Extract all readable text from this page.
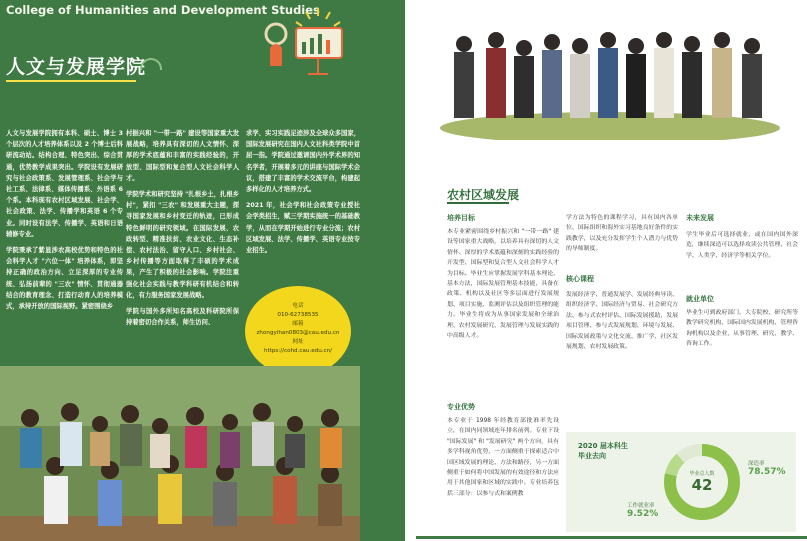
College of Humanities and Development Studies
人文与发展学院

人文与发展学院拥有本科、硕士、博士 3 个层次的人才培养体系以及 2 个博士后科研流动站。结构合理、特色突出、综合贯通，优势教学成果突出。学院设有发展研究与社会政策系、发展管理系、社会学与社工系、法律系、媒体传播系、外语系 6 个系。本科现有农村区域发展、社会学、社会政策、法学、传播学和英语 6 个专业。同时设有法学、传播学、英语和日语辅修专业。

学院秉承了紫显涉农高校优势和特色的社会科学人才 "六位一体" 培养体系，即坚持正确的政治方向、立足深厚的专业传统、弘扬前辈的 "三农" 情怀、贯彻通器结合的教育理念、打造行动育人的培养模式，承持开放的国际视野。紧密围绕乡

村振兴和 "一带一路" 建设等国家重大发展战略，培养具有深切的人文情怀、深厚的学术底蕴和丰富的实践经验的，开放型、国际型和复合型人文社会科学人才。

学院学术和研究坚持 "扎根乡土，扎根乡村"，紧扣 "三农" 和发展重大主题，探寻国家发展和乡村变迁的轨迹，已形成特色鲜明的研究领域。在国际发展、农政转型、精准扶贫、农业文化、生态补偿、农村法治、留守人口、乡村社会、乡村传播等方面取得了丰硕的学术成果，产生了积极的社会影响。学院注重强化社会实践与教学科研有机结合和转化，有力服务国家发展战略。

学院与国外多所知名高校及科研院所保持着密切合作关系，师生访问、

求学、实习实践足迹涉及全球众多国家，国际发展研究在国内人文社科类学院中首屈一指。学院通过邀请国内外学术界的知名学者，开展着多元的讲座与国际学术会议，搭建了丰富的学术交流平台，构建起多样化的人才培养方式。

2021 年，社会学和社会政策专业授社会学类招生，赋三学期实施统一的基础教学，从而在学期开始进行专业分流；农村区域发展、法学、传播学、英语专业按专业招生。

电话
010-62738535
邮箱
zhongyihan0803@cau.edu.cn
网址
https://cohd.cau.edu.cn/
农村区域发展
培养目标
本专业紧密围绕乡村振兴和 "一带一路" 建设等国家重大战略，以培养具有深切的人文情怀、深厚的学术底蕴和深刻的实践经验的开发型、国际型和复合型人文社会科学人才为目标。毕业生应掌握发展学科基本理论、基本方法，国际发展管理基本技能，具备在政策、机构以及社区等多层面进行发展规划、项目实施、监测评估以及组织管理的能力。毕业生将成为从事国家发展和全球治理、农村发展研究、发展管理与发展实践的中高级人才。
专业优势
本专业于 1998 年经教育部批准率先设立，在国内同领域连年排名前列。专业下设 "国际发展" 和 "发展研究" 两个方向，具有多学科视角优势，一方面侧重于探索适合中国区域发展的理论、方法和路径，另一方面侧重于如何将中国发展的有效途径和方法应用于其他国家和区域的实践中。专业培养包括三部分：以参与式和案例教
学方法为特色的课程学习，具有国内各单位、国际组织和海外实习基地良好条件的实践教学，以及充分发挥学生个人潜力与优势的导师制度。
核心课程
发展经济学、普通发展学、发展经典导读、组织经济学、国际经济与贸易、社会研究方法、参与式农村评估、国际发展援助、发展项目管理、参与式发展规划、环境与发展、国际发展政策与文化交流、推广学、社区发展规划、农村发展政策。
未来发展
学生毕业后可选择就业，或在国内国外深造，继续深造可以选择攻读公共管理、社会学、人类学、经济学等相关学位。
就业单位
毕业生可到政府部门、大专院校、研究所等教学研究机构、国际国内发展机构、管理咨询机构以及企业，从事管理、研究、教学、咨询工作。
2020 届本科生
毕业去向
毕业总人数
42
深造率
78.57%
工作就业率
9.52%
